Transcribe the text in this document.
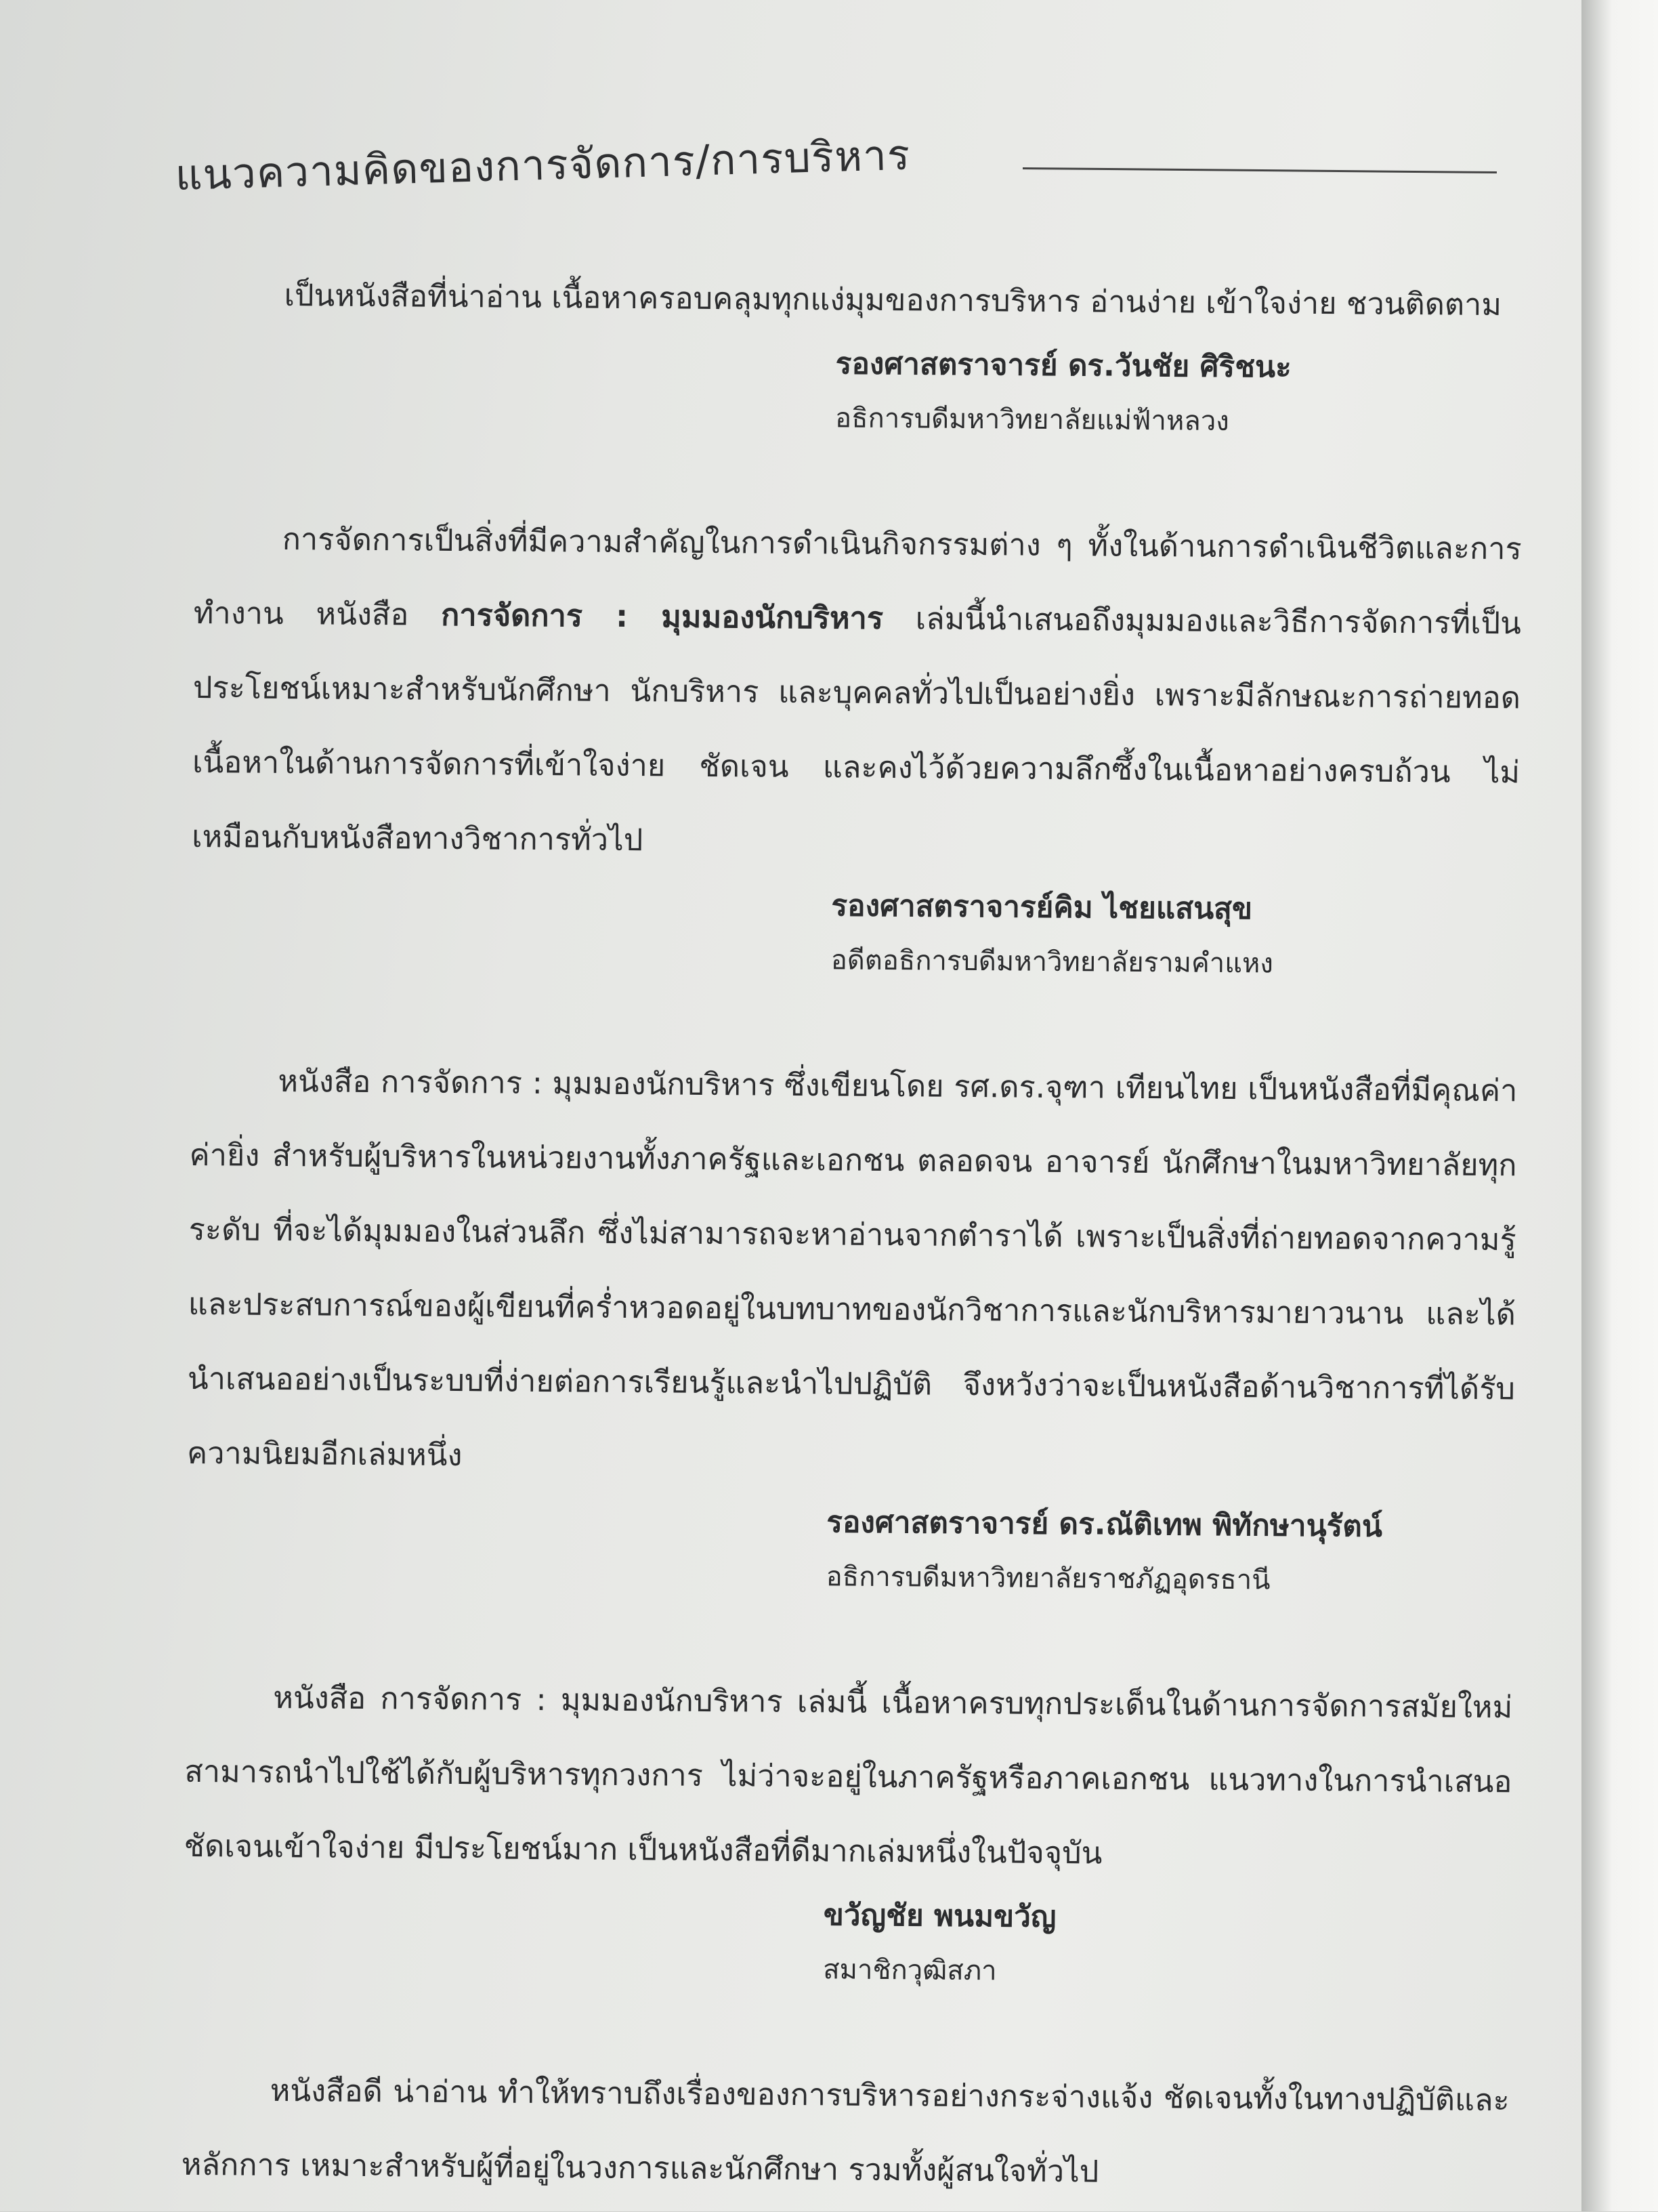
แนวความคิดของการจัดการ/การบริหาร

เป็นหนังสือที่น่าอ่าน เนื้อหาครอบคลุมทุกแง่มุมของการบริหาร อ่านง่าย เข้าใจง่าย ชวนติดตาม

รองศาสตราจารย์ ดร.วันชัย ศิริชนะ
อธิการบดีมหาวิทยาลัยแม่ฟ้าหลวง

การจัดการเป็นสิ่งที่มีความสำคัญในการดำเนินกิจกรรมต่าง ๆ ทั้งในด้านการดำเนินชีวิตและการทำงาน หนังสือ การจัดการ : มุมมองนักบริหาร เล่มนี้นำเสนอถึงมุมมองและวิธีการจัดการที่เป็นประโยชน์เหมาะสำหรับนักศึกษา นักบริหาร และบุคคลทั่วไปเป็นอย่างยิ่ง เพราะมีลักษณะการถ่ายทอดเนื้อหาในด้านการจัดการที่เข้าใจง่าย ชัดเจน และคงไว้ด้วยความลึกซึ้งในเนื้อหาอย่างครบถ้วน ไม่เหมือนกับหนังสือทางวิชาการทั่วไป

รองศาสตราจารย์คิม ไชยแสนสุข
อดีตอธิการบดีมหาวิทยาลัยรามคำแหง

หนังสือ การจัดการ : มุมมองนักบริหาร ซึ่งเขียนโดย รศ.ดร.จุฑา เทียนไทย เป็นหนังสือที่มีคุณค่าค่ายิ่ง สำหรับผู้บริหารในหน่วยงานทั้งภาครัฐและเอกชน ตลอดจน อาจารย์ นักศึกษาในมหาวิทยาลัยทุกระดับ ที่จะได้มุมมองในส่วนลึก ซึ่งไม่สามารถจะหาอ่านจากตำราได้ เพราะเป็นสิ่งที่ถ่ายทอดจากความรู้และประสบการณ์ของผู้เขียนที่คร่ำหวอดอยู่ในบทบาทของนักวิชาการและนักบริหารมายาวนาน และได้นำเสนออย่างเป็นระบบที่ง่ายต่อการเรียนรู้และนำไปปฏิบัติ จึงหวังว่าจะเป็นหนังสือด้านวิชาการที่ได้รับความนิยมอีกเล่มหนึ่ง

รองศาสตราจารย์ ดร.ณัติเทพ พิทักษานุรัตน์
อธิการบดีมหาวิทยาลัยราชภัฏอุดรธานี

หนังสือ การจัดการ : มุมมองนักบริหาร เล่มนี้ เนื้อหาครบทุกประเด็นในด้านการจัดการสมัยใหม่ สามารถนำไปใช้ได้กับผู้บริหารทุกวงการ ไม่ว่าจะอยู่ในภาครัฐหรือภาคเอกชน แนวทางในการนำเสนอ ชัดเจนเข้าใจง่าย มีประโยชน์มาก เป็นหนังสือที่ดีมากเล่มหนึ่งในปัจจุบัน

ขวัญชัย พนมขวัญ
สมาชิกวุฒิสภา

หนังสือดี น่าอ่าน ทำให้ทราบถึงเรื่องของการบริหารอย่างกระจ่างแจ้ง ชัดเจนทั้งในทางปฏิบัติและหลักการ เหมาะสำหรับผู้ที่อยู่ในวงการและนักศึกษา รวมทั้งผู้สนใจทั่วไป
